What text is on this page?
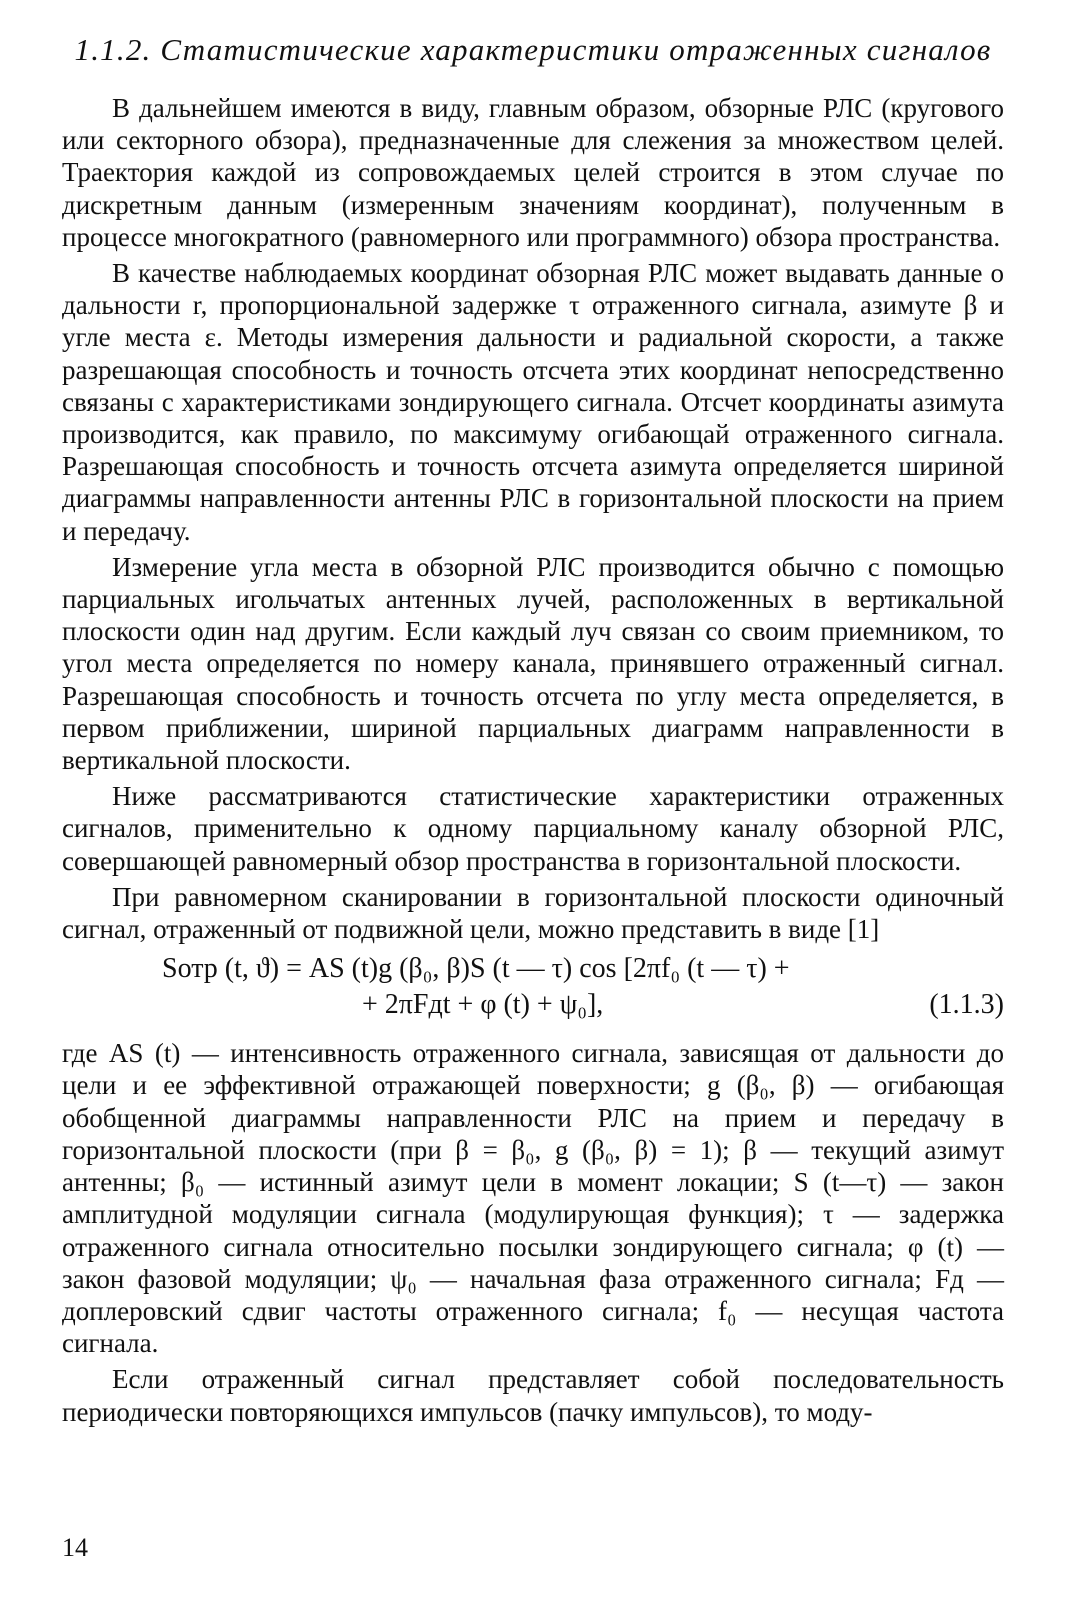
1.1.2. Статистические характеристики отраженных сигналов

В дальнейшем имеются в виду, главным образом, обзорные РЛС (кругового или секторного обзора), предназначенные для слежения за множеством целей. Траектория каждой из сопровождаемых целей строится в этом случае по дискретным данным (измеренным значениям координат), полученным в процессе многократного (равномерного или программного) обзора пространства.

В качестве наблюдаемых координат обзорная РЛС может выдавать данные о дальности r, пропорциональной задержке τ отраженного сигнала, азимуте β и угле места ε. Методы измерения дальности и радиальной скорости, а также разрешающая способность и точность отсчета этих координат непосредственно связаны с характеристиками зондирующего сигнала. Отсчет координаты азимута производится, как правило, по максимуму огибающай отраженного сигнала. Разрешающая способность и точность отсчета азимута определяется шириной диаграммы направленности антенны РЛС в горизонтальной плоскости на прием и передачу.

Измерение угла места в обзорной РЛС производится обычно с помощью парциальных игольчатых антенных лучей, расположенных в вертикальной плоскости один над другим. Если каждый луч связан со своим приемником, то угол места определяется по номеру канала, принявшего отраженный сигнал. Разрешающая способность и точность отсчета по углу места определяется, в первом приближении, шириной парциальных диаграмм направленности в вертикальной плоскости.

Ниже рассматриваются статистические характеристики отраженных сигналов, применительно к одному парциальному каналу обзорной РЛС, совершающей равномерный обзор пространства в горизонтальной плоскости.

При равномерном сканировании в горизонтальной плоскости одиночный сигнал, отраженный от подвижной цели, можно представить в виде [1]

Sотр (t, ϑ) = AS (t)g (β₀, β)S (t — τ) cos [2πf₀ (t — τ) +
+ 2πFдt + φ (t) + ψ₀],	(1.1.3)

где AS (t) — интенсивность отраженного сигнала, зависящая от дальности до цели и ее эффективной отражающей поверхности; g (β₀, β) — огибающая обобщенной диаграммы направленности РЛС на прием и передачу в горизонтальной плоскости (при β = β₀, g (β₀, β) = 1); β — текущий азимут антенны; β₀ — истинный азимут цели в момент локации; S (t—τ) — закон амплитудной модуляции сигнала (модулирующая функция); τ — задержка отраженного сигнала относительно посылки зондирующего сигнала; φ (t) — закон фазовой модуляции; ψ₀ — начальная фаза отраженного сигнала; Fд — доплеровский сдвиг частоты отраженного сигнала; f₀ — несущая частота сигнала.

Если отраженный сигнал представляет собой последовательность периодически повторяющихся импульсов (пачку импульсов), то моду-

14
